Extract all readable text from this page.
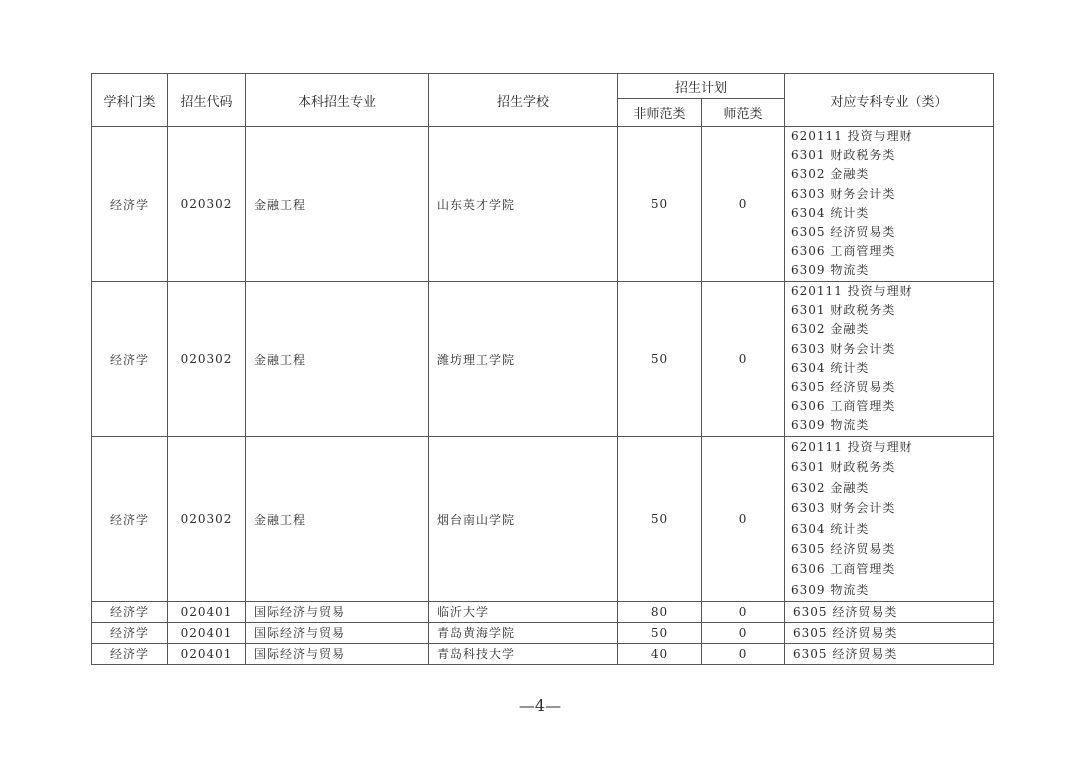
学科门类	招生代码	本科招生专业	招生学校	招生计划		对应专科专业（类）
				非师范类	师范类	
经济学	020302	金融工程	山东英才学院	50	0	
620111 投资与理财
6301 财政税务类
6302 金融类
6303 财务会计类
6304 统计类
6305 经济贸易类
6306 工商管理类
6309 物流类

经济学	020302	金融工程	潍坊理工学院	50	0	
620111 投资与理财
6301 财政税务类
6302 金融类
6303 财务会计类
6304 统计类
6305 经济贸易类
6306 工商管理类
6309 物流类

经济学	020302	金融工程	烟台南山学院	50	0	
620111 投资与理财
6301 财政税务类
6302 金融类
6303 财务会计类
6304 统计类
6305 经济贸易类
6306 工商管理类
6309 物流类

经济学	020401	国际经济与贸易	临沂大学	80	0	6305 经济贸易类
经济学	020401	国际经济与贸易	青岛黄海学院	50	0	6305 经济贸易类
经济学	020401	国际经济与贸易	青岛科技大学	40	0	6305 经济贸易类
—4—
